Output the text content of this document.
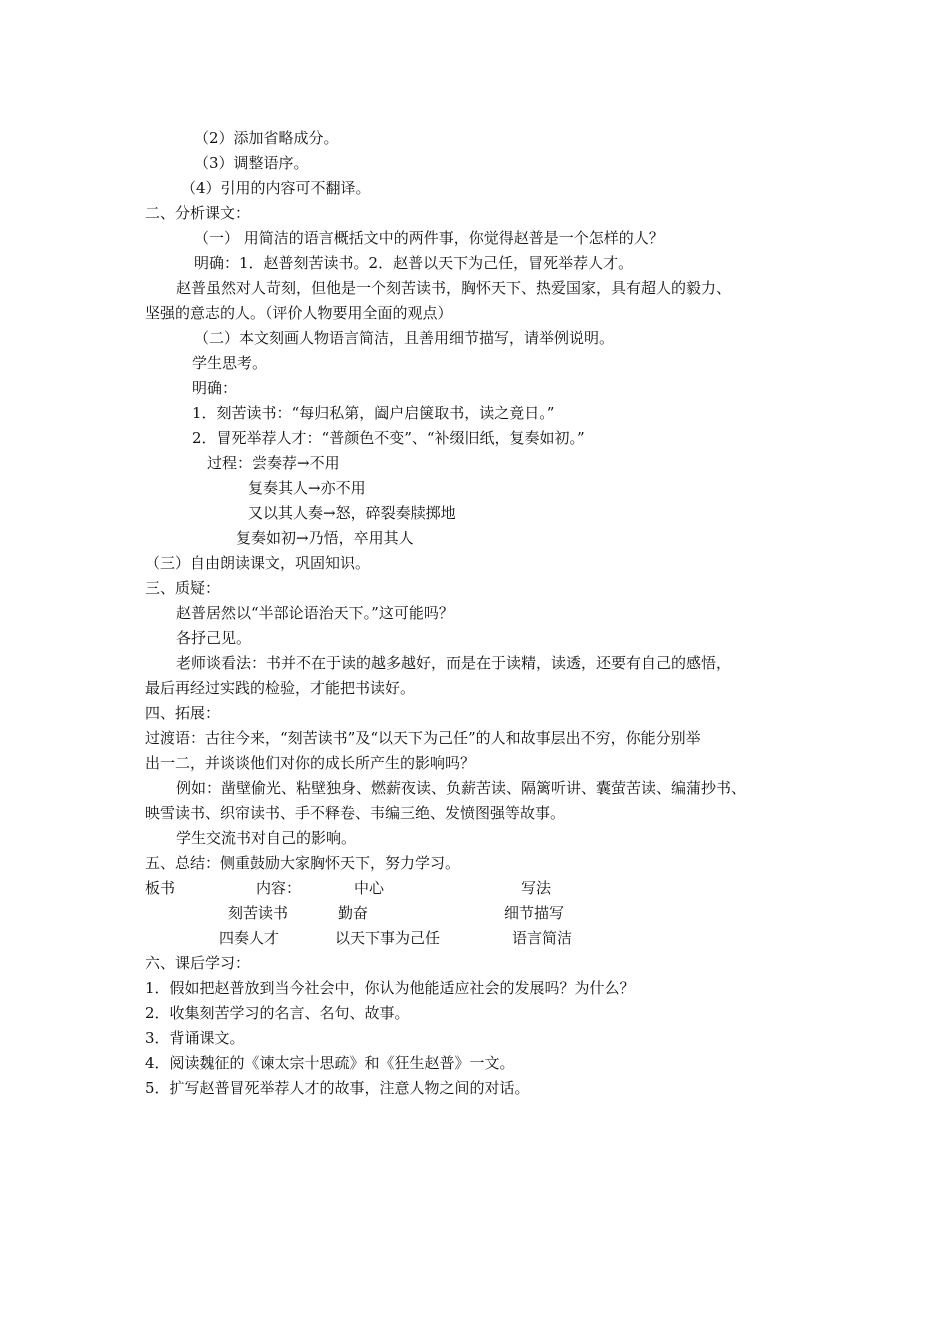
（2）添加省略成分。
（3）调整语序。
（4）引用的内容可不翻译。
二、分析课文：
（一） 用简洁的语言概括文中的两件事，你觉得赵普是一个怎样的人？
明确：1．赵普刻苦读书。2．赵普以天下为己任，冒死举荐人才。
赵普虽然对人苛刻，但他是一个刻苦读书，胸怀天下、热爱国家，具有超人的毅力、
坚强的意志的人。（评价人物要用全面的观点）
（二）本文刻画人物语言简洁，且善用细节描写，请举例说明。
学生思考。
明确：
1．刻苦读书：“每归私第，阖户启箧取书，读之竟日。”
2．冒死举荐人才：“普颜色不变”、“补缀旧纸，复奏如初。”
过程：尝奏荐→不用
复奏其人→亦不用
又以其人奏→怒，碎裂奏牍掷地
复奏如初→乃悟，卒用其人
（三）自由朗读课文，巩固知识。
三、质疑：
赵普居然以“半部论语治天下。”这可能吗？
各抒己见。
老师谈看法：书并不在于读的越多越好，而是在于读精，读透，还要有自己的感悟，
最后再经过实践的检验，才能把书读好。
四、拓展：
过渡语：古往今来，“刻苦读书”及“以天下为己任”的人和故事层出不穷，你能分别举
出一二，并谈谈他们对你的成长所产生的影响吗？
例如：凿壁偷光、粘壁独身、燃薪夜读、负薪苦读、隔篱听讲、囊萤苦读、编蒲抄书、
映雪读书、织帘读书、手不释卷、韦编三绝、发愤图强等故事。
学生交流书对自己的影响。
五、总结：侧重鼓励大家胸怀天下，努力学习。
板书	内容：	中心	写法
刻苦读书	勤奋	细节描写
四奏人才	以天下事为己任	语言简洁
六、课后学习：
1．假如把赵普放到当今社会中，你认为他能适应社会的发展吗？为什么？
2．收集刻苦学习的名言、名句、故事。
3．背诵课文。
4．阅读魏征的《谏太宗十思疏》和《狂生赵普》一文。
5．扩写赵普冒死举荐人才的故事，注意人物之间的对话。
